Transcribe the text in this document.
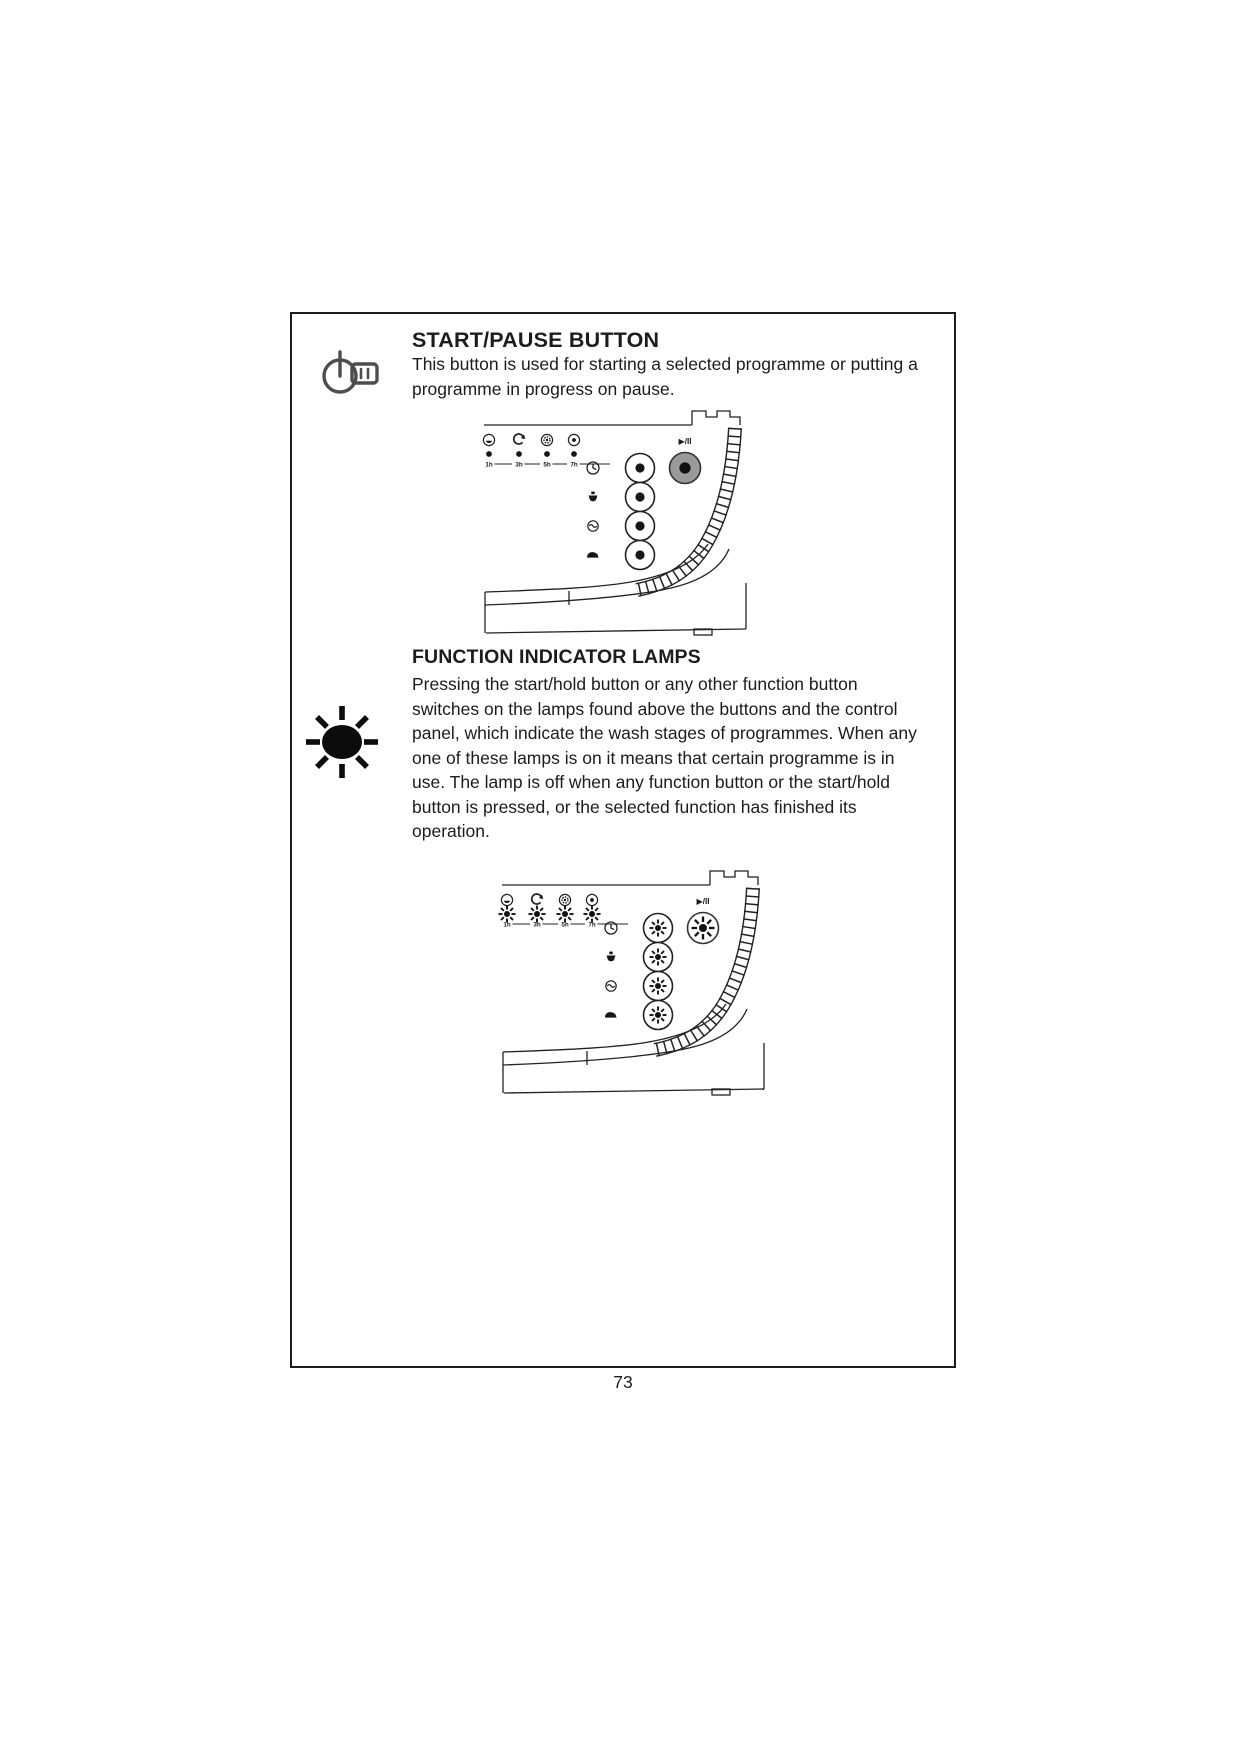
START/PAUSE BUTTON
This button is used for starting a selected programme or putting a
programme in progress on pause.
1h	3h	5h	7h
▶/II
FUNCTION INDICATOR LAMPS
Pressing the start/hold button or any other function button
switches on the lamps found above the buttons and the control
panel, which indicate the wash stages of programmes. When any
one of these lamps is on it means that certain programme is in
use. The lamp is off when any function button or the start/hold
button is pressed, or the selected function has finished its
operation.
1h	3h	5h	7h
▶/II
73
